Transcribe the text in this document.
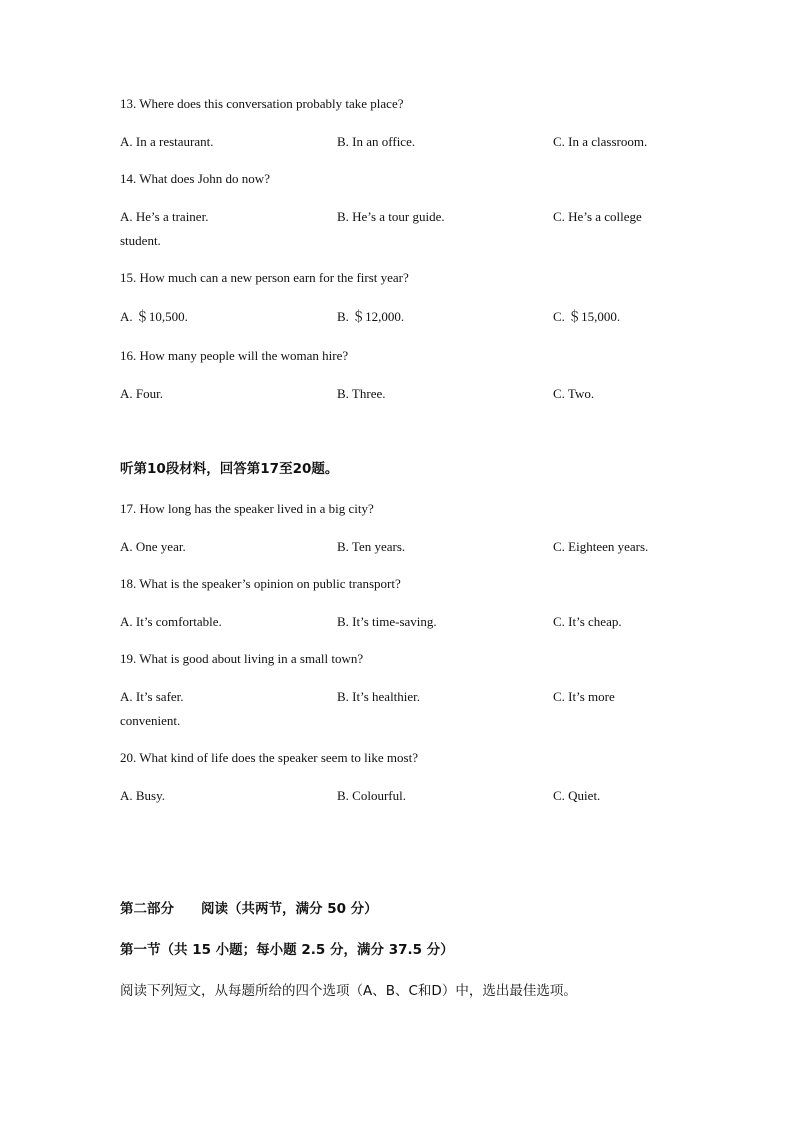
13. Where does this conversation probably take place?
A. In a restaurant.	B. In an office.	C. In a classroom.
14. What does John do now?
A. He’s a trainer.	B. He’s a tour guide.	C. He’s a college
student.
15. How much can a new person earn for the first year?
A. ＄10,500.	B. ＄12,000.	C. ＄15,000.
16. How many people will the woman hire?
A. Four.	B. Three.	C. Two.
听第10段材料，回答第17至20题。
17. How long has the speaker lived in a big city?
A. One year.	B. Ten years.	C. Eighteen years.
18. What is the speaker’s opinion on public transport?
A. It’s comfortable.	B. It’s time-saving.	C. It’s cheap.
19. What is good about living in a small town?
A. It’s safer.	B. It’s healthier.	C. It’s more
convenient.
20. What kind of life does the speaker seem to like most?
A. Busy.	B. Colourful.	C. Quiet.
第二部分　　阅读（共两节，满分 50 分）
第一节（共 15 小题；每小题 2.5 分，满分 37.5 分）
阅读下列短文，从每题所给的四个选项（A、B、C和D）中，选出最佳选项。
